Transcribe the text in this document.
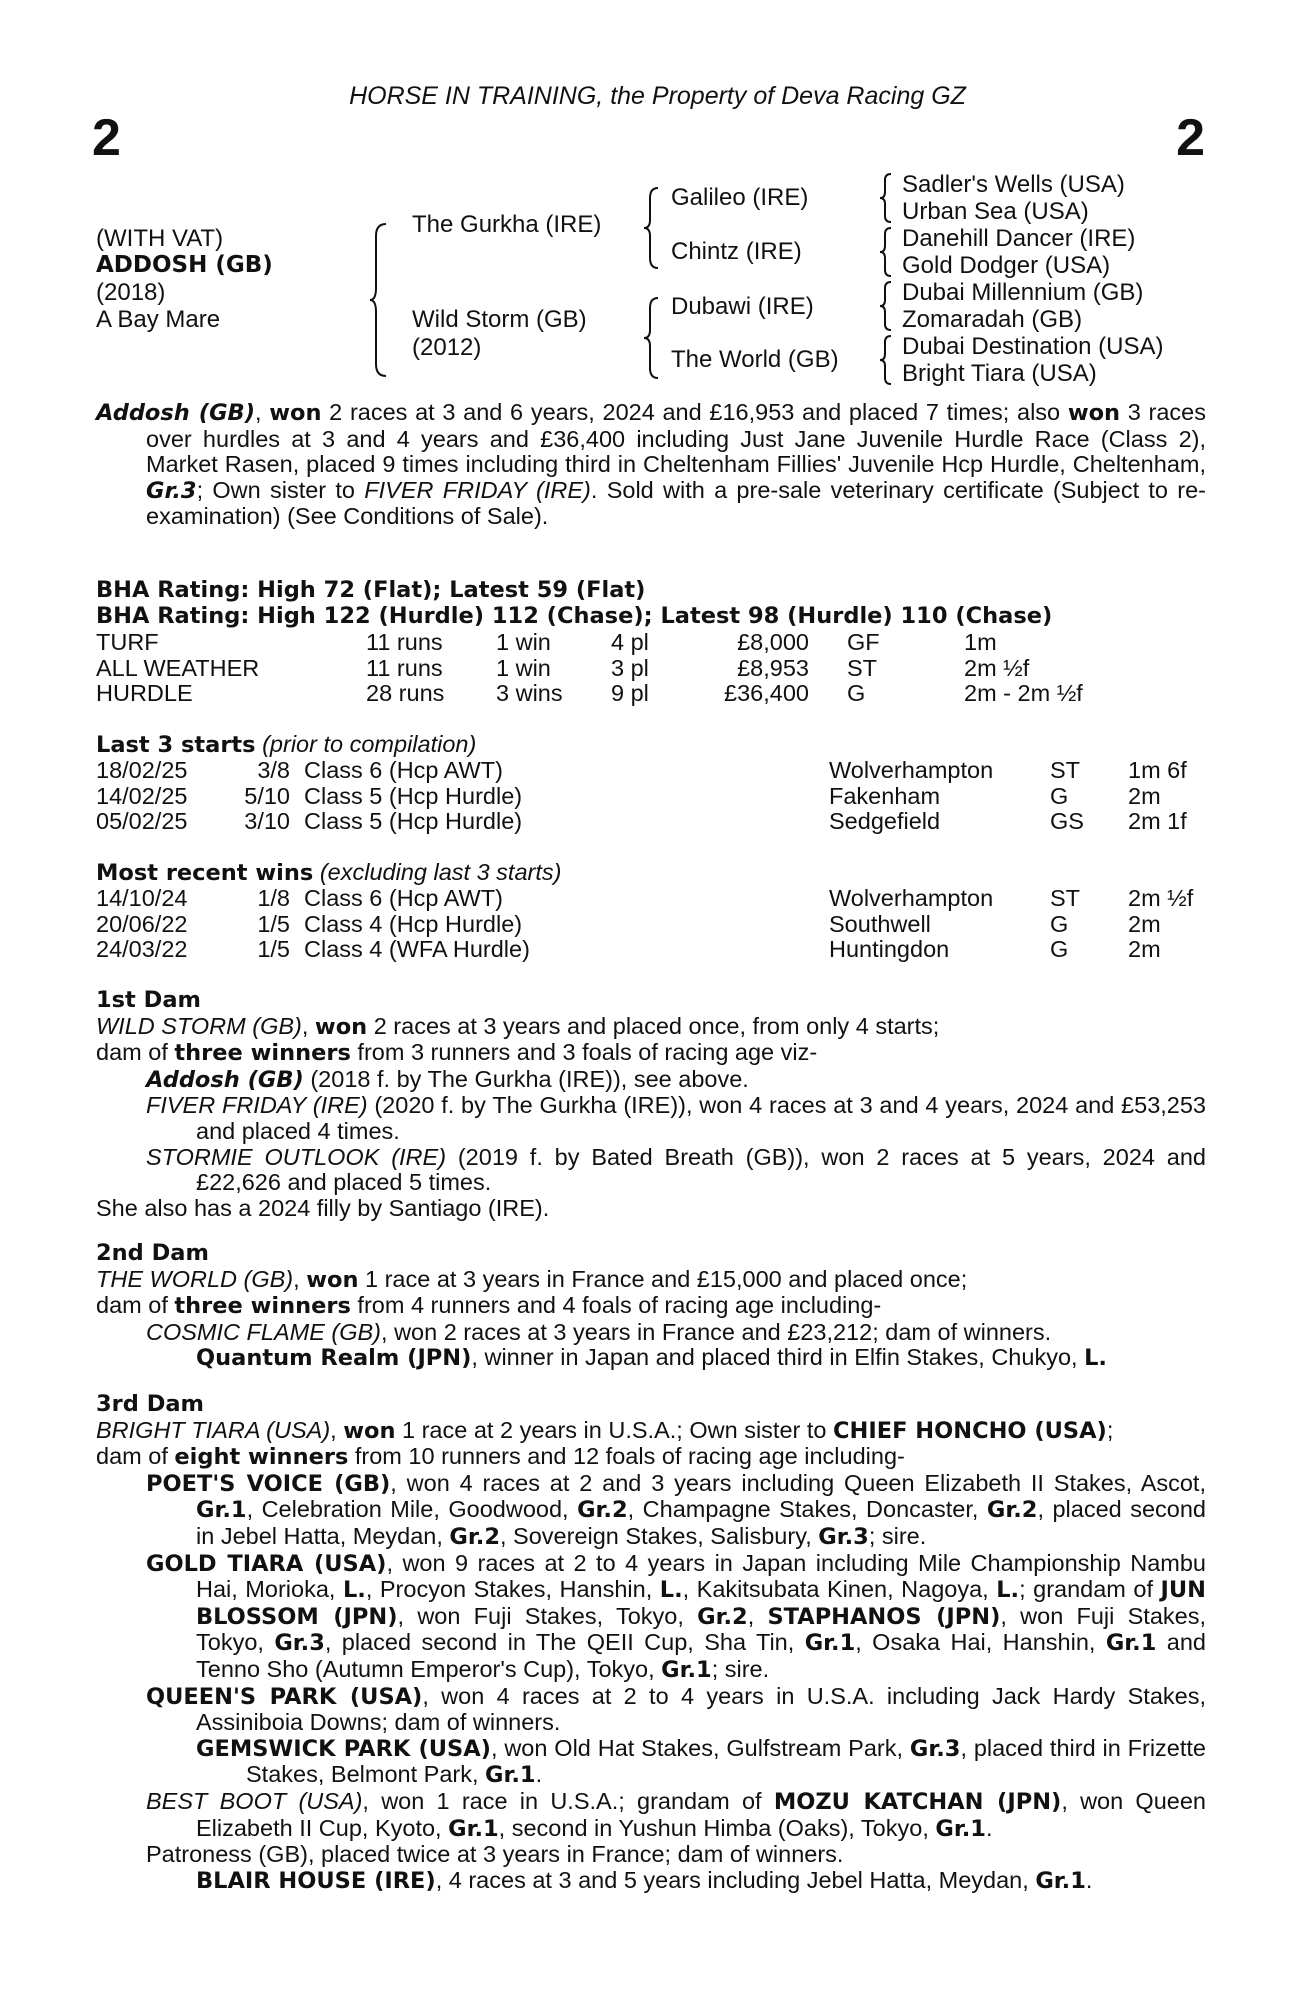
2	2
HORSE IN TRAINING, the Property of Deva Racing GZ
(WITH VAT)
ADDOSH (GB)
(2018)
A Bay Mare
The Gurkha (IRE)
Wild Storm (GB)
(2012)
Galileo (IRE)
Chintz (IRE)
Dubawi (IRE)
The World (GB)
Sadler's Wells (USA)
Urban Sea (USA)
Danehill Dancer (IRE)
Gold Dodger (USA)
Dubai Millennium (GB)
Zomaradah (GB)
Dubai Destination (USA)
Bright Tiara (USA)

Addosh (GB), won 2 races at 3 and 6 years, 2024 and £16,953 and placed 7 times; also won 3 races over hurdles at 3 and 4 years and £36,400 including Just Jane Juvenile Hurdle Race (Class 2), Market Rasen, placed 9 times including third in Cheltenham Fillies' Juvenile Hcp Hurdle, Cheltenham, Gr.3; Own sister to FIVER FRIDAY (IRE). Sold with a pre-sale veterinary certificate (Subject to re-examination) (See Conditions of Sale).

BHA Rating: High 72 (Flat); Latest 59 (Flat)

BHA Rating: High 122 (Hurdle) 112 (Chase); Latest 98 (Hurdle) 110 (Chase)

TURF	11 runs	1 win	4 pl	£8,000		GF	1m
ALL WEATHER	11 runs	1 win	3 pl	£8,953		ST	2m ½f
HURDLE	28 runs	3 wins	9 pl	£36,400		G	2m - 2m ½f
Last 3 starts (prior to compilation)
18/02/25	3/8	Class 6 (Hcp AWT)	Wolverhampton	ST	1m 6f
14/02/25	5/10	Class 5 (Hcp Hurdle)	Fakenham	G	2m
05/02/25	3/10	Class 5 (Hcp Hurdle)	Sedgefield	GS	2m 1f
Most recent wins (excluding last 3 starts)
14/10/24	1/8	Class 6 (Hcp AWT)	Wolverhampton	ST	2m ½f
20/06/22	1/5	Class 4 (Hcp Hurdle)	Southwell	G	2m
24/03/22	1/5	Class 4 (WFA Hurdle)	Huntingdon	G	2m

1st Dam

WILD STORM (GB), won 2 races at 3 years and placed once, from only 4 starts;

dam of three winners from 3 runners and 3 foals of racing age viz-

Addosh (GB) (2018 f. by The Gurkha (IRE)), see above.

FIVER FRIDAY (IRE) (2020 f. by The Gurkha (IRE)), won 4 races at 3 and 4 years, 2024 and £53,253 and placed 4 times.

STORMIE OUTLOOK (IRE) (2019 f. by Bated Breath (GB)), won 2 races at 5 years, 2024 and £22,626 and placed 5 times.

She also has a 2024 filly by Santiago (IRE).

2nd Dam

THE WORLD (GB), won 1 race at 3 years in France and £15,000 and placed once;

dam of three winners from 4 runners and 4 foals of racing age including-

COSMIC FLAME (GB), won 2 races at 3 years in France and £23,212; dam of winners.

Quantum Realm (JPN), winner in Japan and placed third in Elfin Stakes, Chukyo, L.

3rd Dam

BRIGHT TIARA (USA), won 1 race at 2 years in U.S.A.; Own sister to CHIEF HONCHO (USA);

dam of eight winners from 10 runners and 12 foals of racing age including-

POET'S VOICE (GB), won 4 races at 2 and 3 years including Queen Elizabeth II Stakes, Ascot, Gr.1, Celebration Mile, Goodwood, Gr.2, Champagne Stakes, Doncaster, Gr.2, placed second in Jebel Hatta, Meydan, Gr.2, Sovereign Stakes, Salisbury, Gr.3; sire.

GOLD TIARA (USA), won 9 races at 2 to 4 years in Japan including Mile Championship Nambu Hai, Morioka, L., Procyon Stakes, Hanshin, L., Kakitsubata Kinen, Nagoya, L.; grandam of JUN BLOSSOM (JPN), won Fuji Stakes, Tokyo, Gr.2, STAPHANOS (JPN), won Fuji Stakes, Tokyo, Gr.3, placed second in The QEII Cup, Sha Tin, Gr.1, Osaka Hai, Hanshin, Gr.1 and Tenno Sho (Autumn Emperor's Cup), Tokyo, Gr.1; sire.

QUEEN'S PARK (USA), won 4 races at 2 to 4 years in U.S.A. including Jack Hardy Stakes, Assiniboia Downs; dam of winners.

GEMSWICK PARK (USA), won Old Hat Stakes, Gulfstream Park, Gr.3, placed third in Frizette Stakes, Belmont Park, Gr.1.

BEST BOOT (USA), won 1 race in U.S.A.; grandam of MOZU KATCHAN (JPN), won Queen Elizabeth II Cup, Kyoto, Gr.1, second in Yushun Himba (Oaks), Tokyo, Gr.1.

Patroness (GB), placed twice at 3 years in France; dam of winners.

BLAIR HOUSE (IRE), 4 races at 3 and 5 years including Jebel Hatta, Meydan, Gr.1.
